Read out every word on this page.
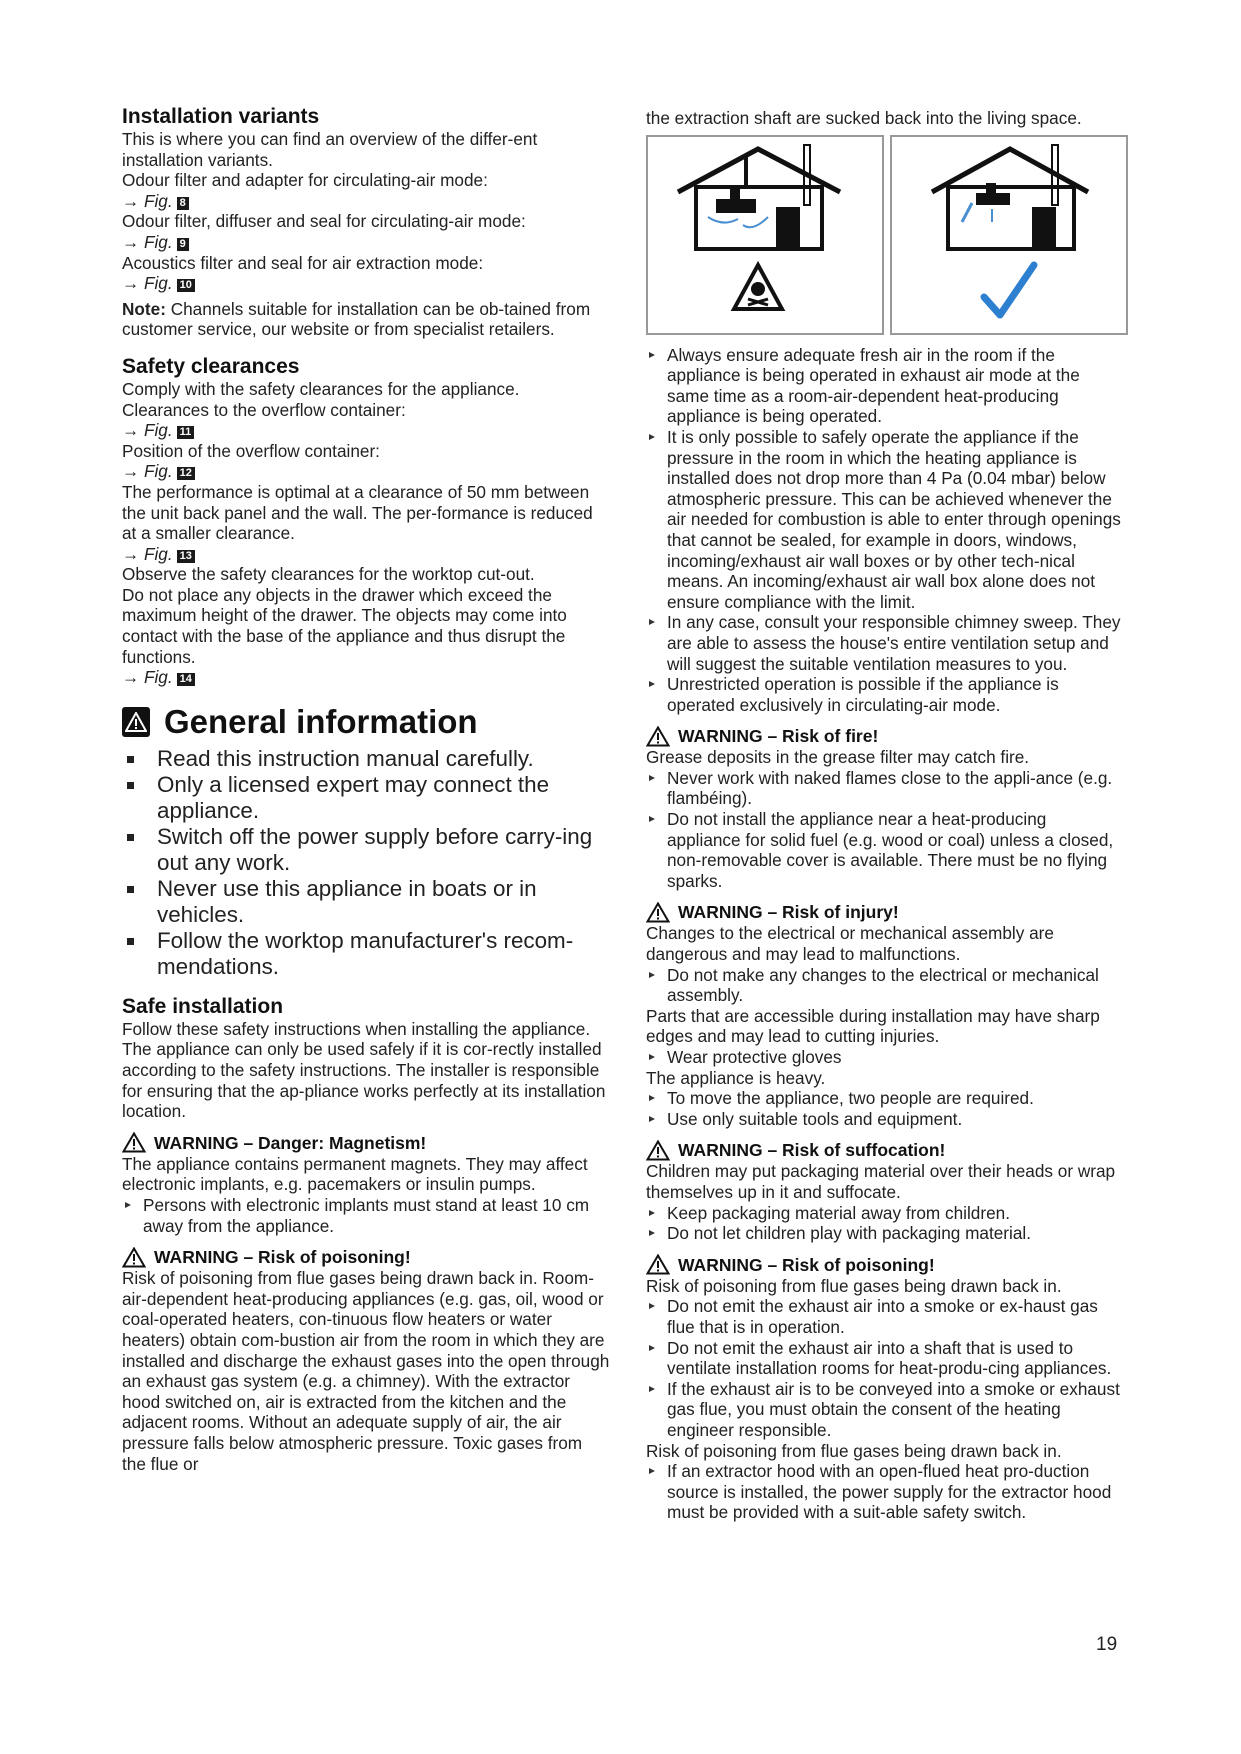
Installation variants

This is where you can find an overview of the differ-ent installation variants.

Odour filter and adapter for circulating-air mode:

→ Fig. 8

Odour filter, diffuser and seal for circulating-air mode:

→ Fig. 9

Acoustics filter and seal for air extraction mode:

→ Fig. 10

Note: Channels suitable for installation can be ob-tained from customer service, our website or from specialist retailers.

Safety clearances

Comply with the safety clearances for the appliance.

Clearances to the overflow container:

→ Fig. 11

Position of the overflow container:

→ Fig. 12

The performance is optimal at a clearance of 50 mm between the unit back panel and the wall. The per-formance is reduced at a smaller clearance.

→ Fig. 13

Observe the safety clearances for the worktop cut-out.

Do not place any objects in the drawer which exceed the maximum height of the drawer. The objects may come into contact with the base of the appliance and thus disrupt the functions.

→ Fig. 14

General information
Read this instruction manual carefully.
Only a licensed expert may connect the appliance.
Switch off the power supply before carry-ing out any work.
Never use this appliance in boats or in vehicles.
Follow the worktop manufacturer's recom-mendations.
Safe installation

Follow these safety instructions when installing the appliance.

The appliance can only be used safely if it is cor-rectly installed according to the safety instructions. The installer is responsible for ensuring that the ap-pliance works perfectly at its installation location.

WARNING – Danger: Magnetism!

The appliance contains permanent magnets. They may affect electronic implants, e.g. pacemakers or insulin pumps.

Persons with electronic implants must stand at least 10 cm away from the appliance.
WARNING – Risk of poisoning!

Risk of poisoning from flue gases being drawn back in. Room-air-dependent heat-producing appliances (e.g. gas, oil, wood or coal-operated heaters, con-tinuous flow heaters or water heaters) obtain com-bustion air from the room in which they are installed and discharge the exhaust gases into the open through an exhaust gas system (e.g. a chimney). With the extractor hood switched on, air is extracted from the kitchen and the adjacent rooms. Without an adequate supply of air, the air pressure falls below atmospheric pressure. Toxic gases from the flue or

the extraction shaft are sucked back into the living space.

Always ensure adequate fresh air in the room if the appliance is being operated in exhaust air mode at the same time as a room-air-dependent heat-producing appliance is being operated.
It is only possible to safely operate the appliance if the pressure in the room in which the heating appliance is installed does not drop more than 4 Pa (0.04 mbar) below atmospheric pressure. This can be achieved whenever the air needed for combustion is able to enter through openings that cannot be sealed, for example in doors, windows, incoming/exhaust air wall boxes or by other tech-nical means. An incoming/exhaust air wall box alone does not ensure compliance with the limit.
In any case, consult your responsible chimney sweep. They are able to assess the house's entire ventilation setup and will suggest the suitable ventilation measures to you.
Unrestricted operation is possible if the appliance is operated exclusively in circulating-air mode.
WARNING – Risk of fire!

Grease deposits in the grease filter may catch fire.

Never work with naked flames close to the appli-ance (e.g. flambéing).
Do not install the appliance near a heat-producing appliance for solid fuel (e.g. wood or coal) unless a closed, non-removable cover is available. There must be no flying sparks.
WARNING – Risk of injury!

Changes to the electrical or mechanical assembly are dangerous and may lead to malfunctions.

Do not make any changes to the electrical or mechanical assembly.

Parts that are accessible during installation may have sharp edges and may lead to cutting injuries.

Wear protective gloves

The appliance is heavy.

To move the appliance, two people are required.
Use only suitable tools and equipment.
WARNING – Risk of suffocation!

Children may put packaging material over their heads or wrap themselves up in it and suffocate.

Keep packaging material away from children.
Do not let children play with packaging material.
WARNING – Risk of poisoning!

Risk of poisoning from flue gases being drawn back in.

Do not emit the exhaust air into a smoke or ex-haust gas flue that is in operation.
Do not emit the exhaust air into a shaft that is used to ventilate installation rooms for heat-produ-cing appliances.
If the exhaust air is to be conveyed into a smoke or exhaust gas flue, you must obtain the consent of the heating engineer responsible.

Risk of poisoning from flue gases being drawn back in.

If an extractor hood with an open-flued heat pro-duction source is installed, the power supply for the extractor hood must be provided with a suit-able safety switch.
19
